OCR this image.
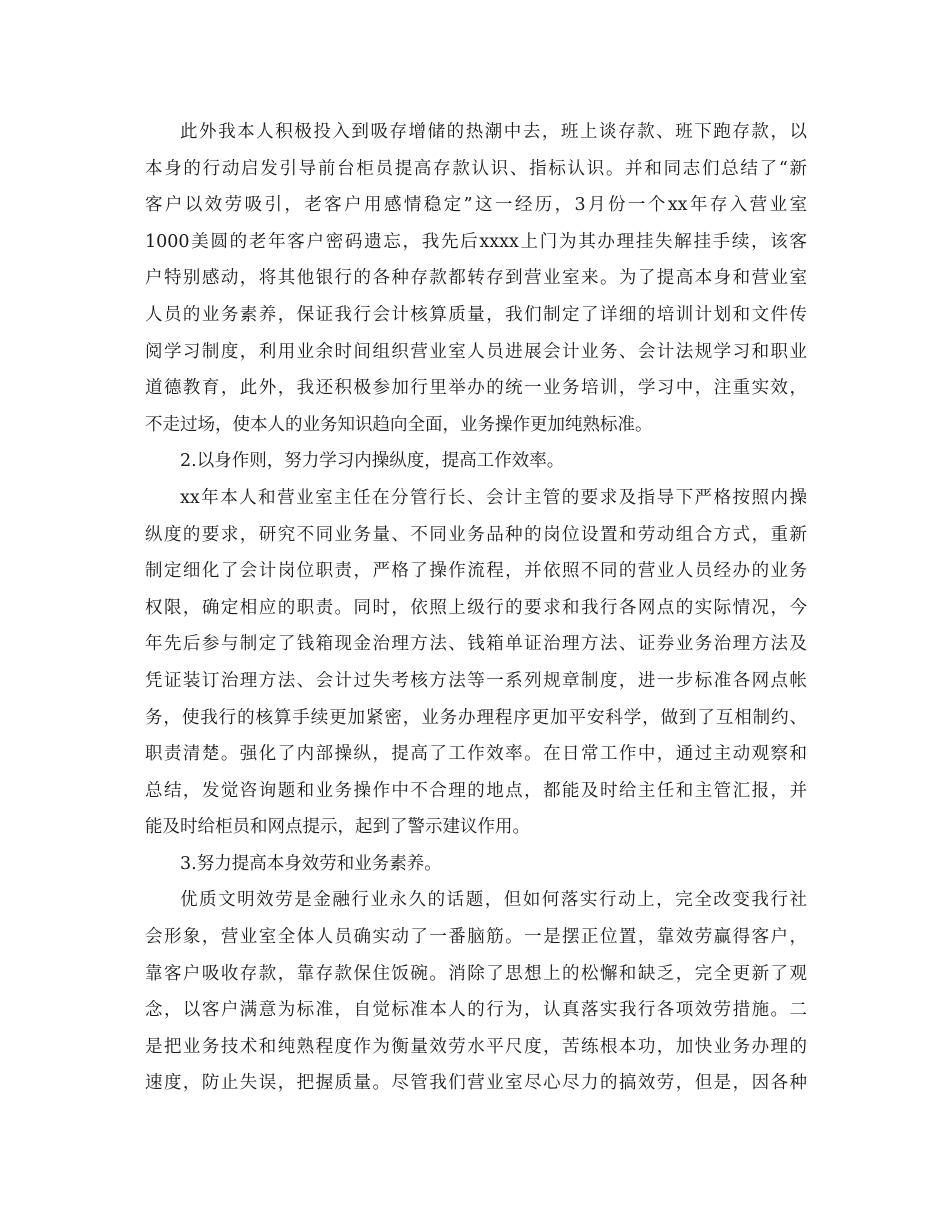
此外我本人积极投入到吸存增储的热潮中去，班上谈存款、班下跑存款，以
本身的行动启发引导前台柜员提高存款认识、指标认识。并和同志们总结了“新
客户以效劳吸引，老客户用感情稳定”这一经历，3月份一个xx年存入营业室
1000美圆的老年客户密码遗忘，我先后xxxx上门为其办理挂失解挂手续，该客
户特别感动，将其他银行的各种存款都转存到营业室来。为了提高本身和营业室
人员的业务素养，保证我行会计核算质量，我们制定了详细的培训计划和文件传
阅学习制度，利用业余时间组织营业室人员进展会计业务、会计法规学习和职业
道德教育，此外，我还积极参加行里举办的统一业务培训，学习中，注重实效，
不走过场，使本人的业务知识趋向全面，业务操作更加纯熟标准。
2.以身作则，努力学习内操纵度，提高工作效率。
xx年本人和营业室主任在分管行长、会计主管的要求及指导下严格按照内操
纵度的要求，研究不同业务量、不同业务品种的岗位设置和劳动组合方式，重新
制定细化了会计岗位职责，严格了操作流程，并依照不同的营业人员经办的业务
权限，确定相应的职责。同时，依照上级行的要求和我行各网点的实际情况，今
年先后参与制定了钱箱现金治理方法、钱箱单证治理方法、证券业务治理方法及
凭证装订治理方法、会计过失考核方法等一系列规章制度，进一步标准各网点帐
务，使我行的核算手续更加紧密，业务办理程序更加平安科学，做到了互相制约、
职责清楚。强化了内部操纵，提高了工作效率。在日常工作中，通过主动观察和
总结，发觉咨询题和业务操作中不合理的地点，都能及时给主任和主管汇报，并
能及时给柜员和网点提示，起到了警示建议作用。
3.努力提高本身效劳和业务素养。
优质文明效劳是金融行业永久的话题，但如何落实行动上，完全改变我行社
会形象，营业室全体人员确实动了一番脑筋。一是摆正位置，靠效劳赢得客户，
靠客户吸收存款，靠存款保住饭碗。消除了思想上的松懈和缺乏，完全更新了观
念，以客户满意为标准，自觉标准本人的行为，认真落实我行各项效劳措施。二
是把业务技术和纯熟程度作为衡量效劳水平尺度，苦练根本功，加快业务办理的
速度，防止失误，把握质量。尽管我们营业室尽心尽力的搞效劳，但是，因各种
